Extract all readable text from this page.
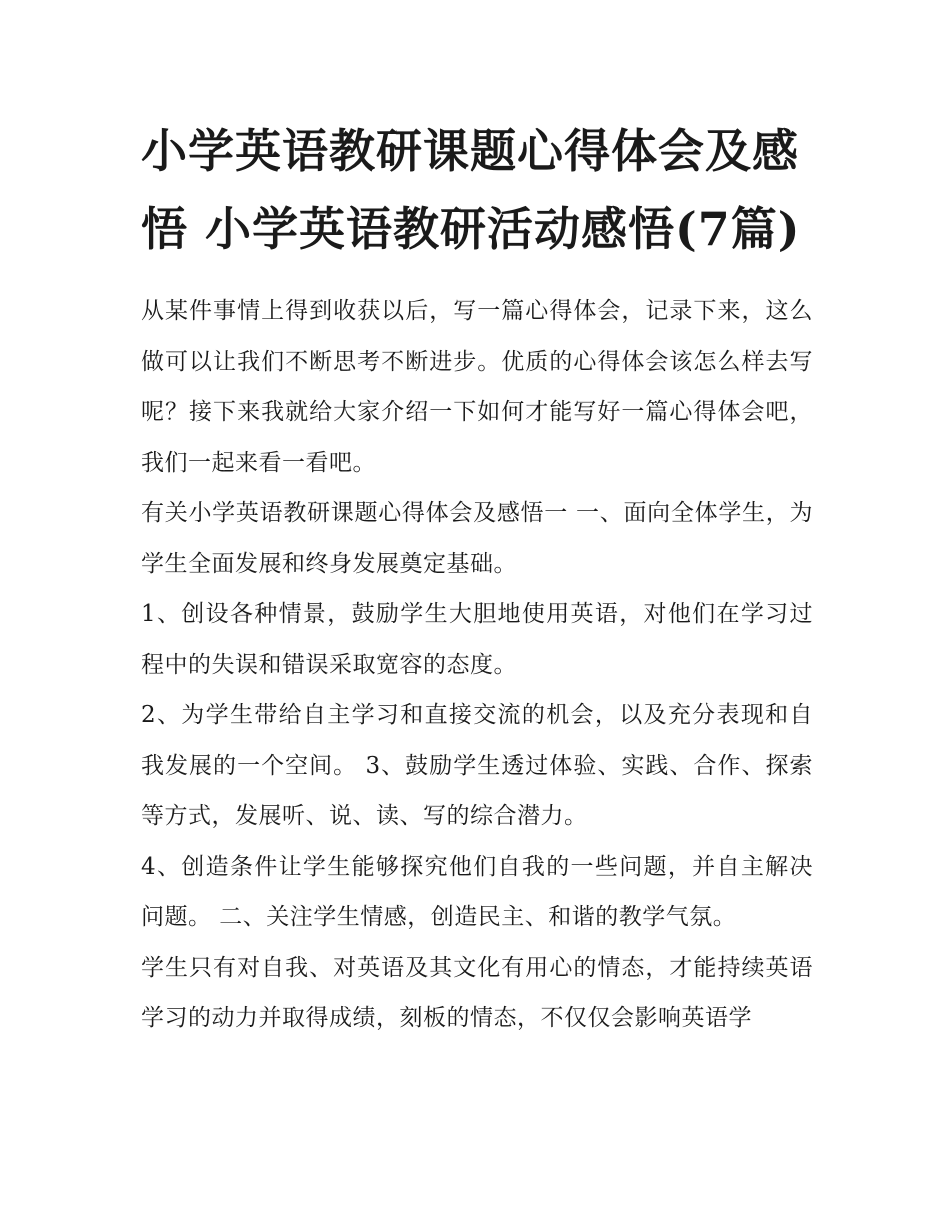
小学英语教研课题心得体会及感悟 小学英语教研活动感悟(7篇)

从某件事情上得到收获以后，写一篇心得体会，记录下来，这么做可以让我们不断思考不断进步。优质的心得体会该怎么样去写呢？接下来我就给大家介绍一下如何才能写好一篇心得体会吧，我们一起来看一看吧。

有关小学英语教研课题心得体会及感悟一 一、面向全体学生，为学生全面发展和终身发展奠定基础。

1、创设各种情景，鼓励学生大胆地使用英语，对他们在学习过程中的失误和错误采取宽容的态度。

2、为学生带给自主学习和直接交流的机会，以及充分表现和自我发展的一个空间。 3、鼓励学生透过体验、实践、合作、探索等方式，发展听、说、读、写的综合潜力。

4、创造条件让学生能够探究他们自我的一些问题，并自主解决问题。 二、关注学生情感，创造民主、和谐的教学气氛。

学生只有对自我、对英语及其文化有用心的情态，才能持续英语学习的动力并取得成绩，刻板的情态，不仅仅会影响英语学
